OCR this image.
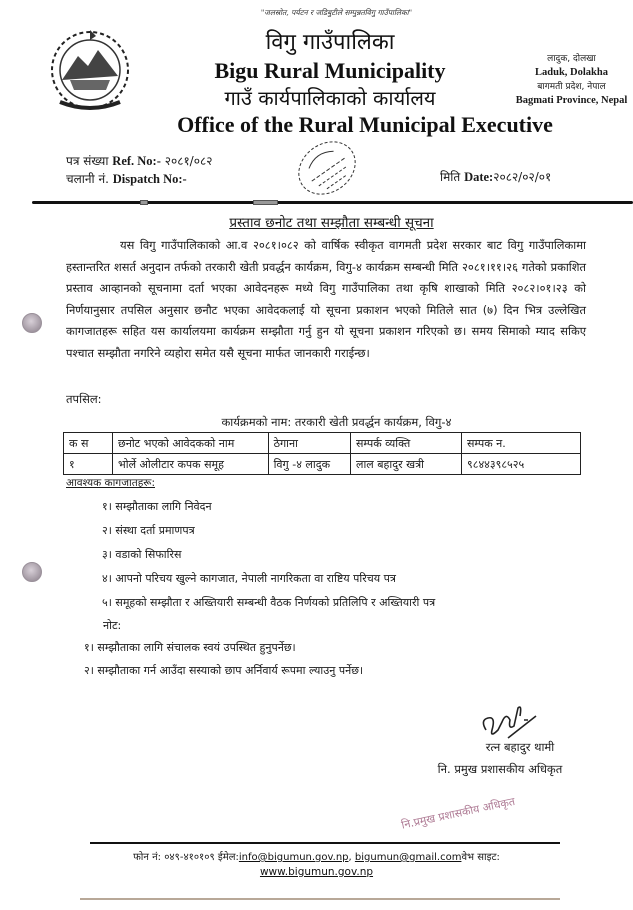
"जलस्रोत, पर्यटन र जडिबुटीले सम्पुन्नतविगु गाउँपालिका"
विगु गाउँपालिका
Bigu Rural Municipality
गाउँ कार्यपालिकाको कार्यालय
Office of the Rural Municipal Executive
लादुक, दोलखा
Laduk, Dolakha
बागमती प्रदेश, नेपाल
Bagmati Province, Nepal
पत्र संख्या Ref. No:- २०८१/०८२
चलानी नं. Dispatch No:-	मिति Date:२०८२/०२/०१
प्रस्ताव छनोट तथा सम्झौता सम्बन्धी सूचना
यस विगु गाउँपालिकाको आ.व २०८१।०८२ को वार्षिक स्वीकृत वागमती प्रदेश सरकार बाट विगु गाउँपालिकामा हस्तान्तरित शसर्त अनुदान तर्फको तरकारी खेती प्रवर्द्धन कार्यक्रम, विगु-४ कार्यक्रम सम्बन्धी मिति २०८१।११।२६ गतेको प्रकाशित प्रस्ताव आव्हानको सूचनामा दर्ता भएका आवेदनहरू मध्ये विगु गाउँपालिका तथा कृषि शाखाको मिति २०८२।०१।२३ को निर्णयानुसार तपसिल अनुसार छनौट भएका आवेदकलाई यो सूचना प्रकाशन भएको मितिले सात (७) दिन भित्र उल्लेखित कागजातहरू सहित यस कार्यालयमा कार्यक्रम सम्झौता गर्नु हुन यो सूचना प्रकाशन गरिएको छ। समय सिमाको म्याद सकिए पश्चात सम्झौता नगरिने व्यहोरा समेत यसै सूचना मार्फत जानकारी गराईन्छ।
तपसिल:
कार्यक्रमको नाम: तरकारी खेती प्रवर्द्धन कार्यक्रम, विगु-४
क स	छनोट भएको आवेदकको नाम	ठेगाना	सम्पर्क व्यक्ति	सम्पक न.
१	भोर्ले ओलीटार कपक समूह	विगु -४ लादुक	लाल बहादुर खत्री	९८४४३९८५२५
आवश्यक कागजातहरू:
१। सम्झौताका लागि निवेदन
२। संस्था दर्ता प्रमाणपत्र
३। वडाको सिफारिस
४। आपनो परिचय खुल्ने कागजात, नेपाली नागरिकता वा राष्टिय परिचय पत्र
५। समूहको सम्झौता र अख्तियारी सम्बन्धी वैठक निर्णयको प्रतिलिपि र अख्तियारी पत्र
नोट:
१। सम्झौताका लागि संचालक स्वयं उपस्थित हुनुपर्नेछ।
२। सम्झौताका गर्न आउँदा सस्याको छाप अर्निवार्य रूपमा ल्याउनु पर्नेछ।
रत्न बहादुर थामी
नि. प्रमुख प्रशासकीय अधिकृत
नि.प्रमुख प्रशासकीय अधिकृत
फोन नं: ०४९-४१०१०९ ईमेल:info@bigumun.gov.np, bigumun@gmail.comवेभ साइट:
www.bigumun.gov.np
